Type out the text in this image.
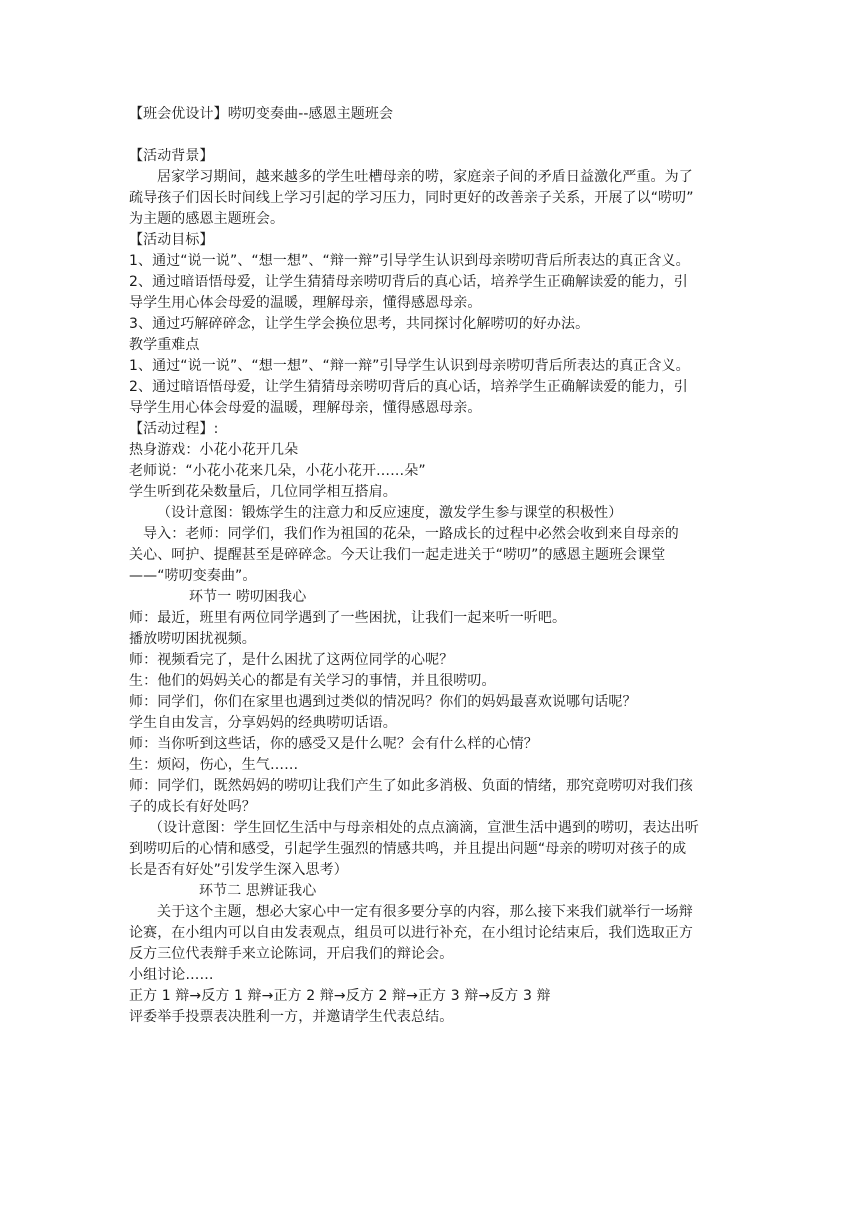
【班会优设计】唠叨变奏曲--感恩主题班会
【活动背景】
居家学习期间，越来越多的学生吐槽母亲的唠，家庭亲子间的矛盾日益激化严重。为了
疏导孩子们因长时间线上学习引起的学习压力，同时更好的改善亲子关系，开展了以“唠叨”
为主题的感恩主题班会。
【活动目标】
1、通过“说一说”、“想一想”、“辩一辩”引导学生认识到母亲唠叨背后所表达的真正含义。
2、通过暗语悟母爱，让学生猜猜母亲唠叨背后的真心话，培养学生正确解读爱的能力，引
导学生用心体会母爱的温暖，理解母亲，懂得感恩母亲。
3、通过巧解碎碎念，让学生学会换位思考，共同探讨化解唠叨的好办法。
教学重难点
1、通过“说一说”、“想一想”、“辩一辩”引导学生认识到母亲唠叨背后所表达的真正含义。
2、通过暗语悟母爱，让学生猜猜母亲唠叨背后的真心话，培养学生正确解读爱的能力，引
导学生用心体会母爱的温暖，理解母亲，懂得感恩母亲。
【活动过程】:
热身游戏：小花小花开几朵
老师说：“小花小花来几朵，小花小花开……朵”
学生听到花朵数量后，几位同学相互搭肩。
（设计意图：锻炼学生的注意力和反应速度，激发学生参与课堂的积极性）
导入：老师：同学们，我们作为祖国的花朵，一路成长的过程中必然会收到来自母亲的
关心、呵护、提醒甚至是碎碎念。今天让我们一起走进关于“唠叨”的感恩主题班会课堂
——“唠叨变奏曲”。
环节一 唠叨困我心
师：最近，班里有两位同学遇到了一些困扰，让我们一起来听一听吧。
播放唠叨困扰视频。
师：视频看完了，是什么困扰了这两位同学的心呢？
生：他们的妈妈关心的都是有关学习的事情，并且很唠叨。
师：同学们，你们在家里也遇到过类似的情况吗？你们的妈妈最喜欢说哪句话呢？
学生自由发言，分享妈妈的经典唠叨话语。
师：当你听到这些话，你的感受又是什么呢？会有什么样的心情？
生：烦闷，伤心，生气……
师：同学们，既然妈妈的唠叨让我们产生了如此多消极、负面的情绪，那究竟唠叨对我们孩
子的成长有好处吗？
（设计意图：学生回忆生活中与母亲相处的点点滴滴，宣泄生活中遇到的唠叨，表达出听
到唠叨后的心情和感受，引起学生强烈的情感共鸣，并且提出问题“母亲的唠叨对孩子的成
长是否有好处”引发学生深入思考）
环节二 思辨证我心
关于这个主题，想必大家心中一定有很多要分享的内容，那么接下来我们就举行一场辩
论赛，在小组内可以自由发表观点，组员可以进行补充，在小组讨论结束后，我们选取正方
反方三位代表辩手来立论陈词，开启我们的辩论会。
小组讨论……
正方 1 辩→反方 1 辩→正方 2 辩→反方 2 辩→正方 3 辩→反方 3 辩
评委举手投票表决胜利一方，并邀请学生代表总结。
